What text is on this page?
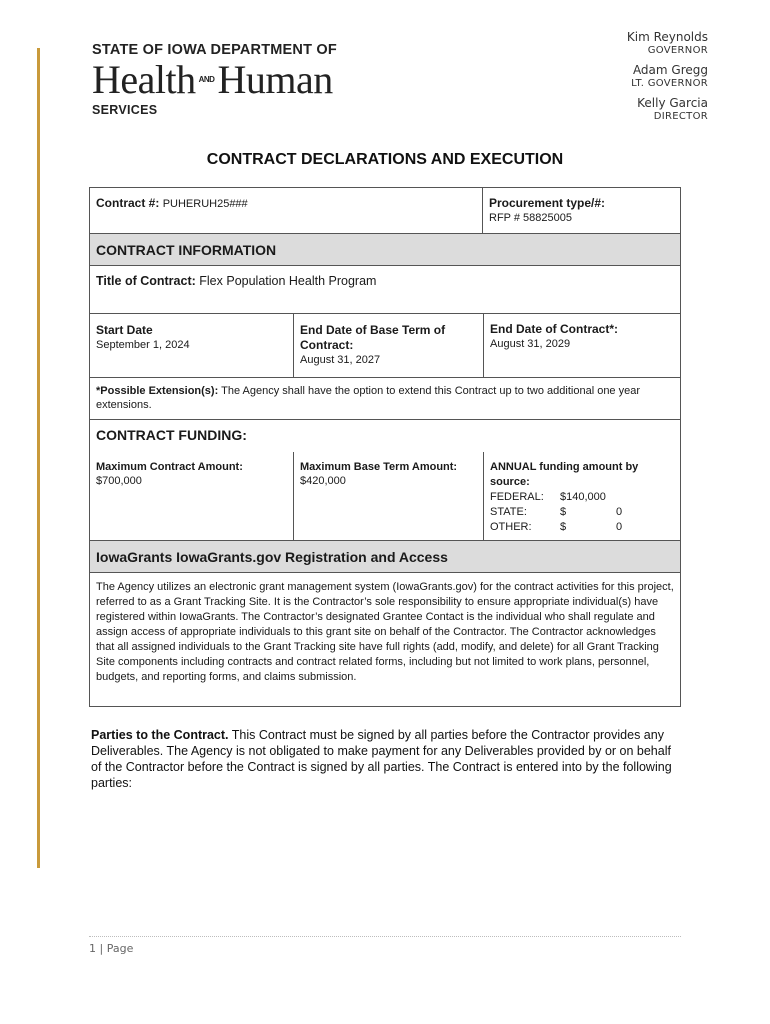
STATE OF IOWA DEPARTMENT OF
Health ANDHuman
SERVICES
Kim Reynolds
GOVERNOR
Adam Gregg
LT. GOVERNOR
Kelly Garcia
DIRECTOR
CONTRACT DECLARATIONS AND EXECUTION
Contract #: PUHERUH25###	Procurement type/#:
RFP # 58825005
CONTRACT INFORMATION
Title of Contract: Flex Population Health Program
Start Date
September 1, 2024
End Date of Base Term of Contract:
August 31, 2027
End Date of Contract*:
August 31, 2029
*Possible Extension(s): The Agency shall have the option to extend this Contract up to two additional one year extensions.
CONTRACT FUNDING:
Maximum Contract Amount:
$700,000
Maximum Base Term Amount: $420,000
ANNUAL funding amount by source:
FEDERAL:	$140,000
STATE:	$	0
OTHER:	$	0
IowaGrants IowaGrants.gov Registration and Access
The Agency utilizes an electronic grant management system (IowaGrants.gov) for the contract activities for this project, referred to as a Grant Tracking Site. It is the Contractor’s sole responsibility to ensure appropriate individual(s) have registered within IowaGrants. The Contractor’s designated Grantee Contact is the individual who shall regulate and assign access of appropriate individuals to this grant site on behalf of the Contractor. The Contractor acknowledges that all assigned individuals to the Grant Tracking site have full rights (add, modify, and delete) for all Grant Tracking Site components including contracts and contract related forms, including but not limited to work plans, personnel, budgets, and reporting forms, and claims submission.
Parties to the Contract. This Contract must be signed by all parties before the Contractor provides any Deliverables. The Agency is not obligated to make payment for any Deliverables provided by or on behalf of the Contractor before the Contract is signed by all parties. The Contract is entered into by the following parties:
1 | Page
